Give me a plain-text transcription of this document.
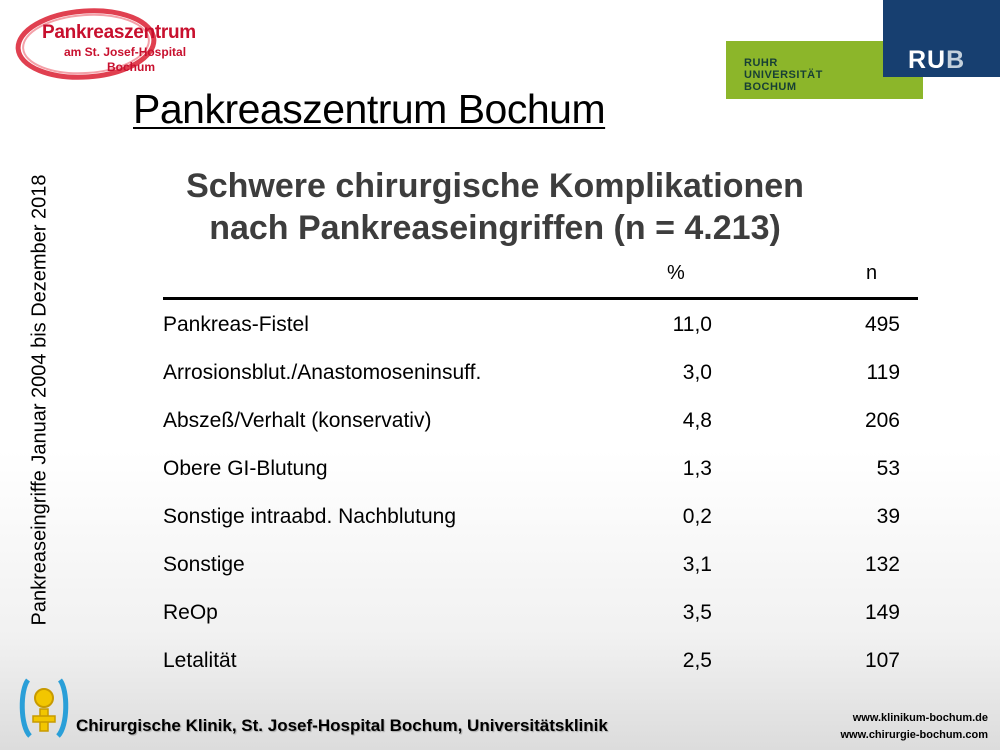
Pankreaszentrum
am St. Josef-Hospital
Bochum	RUHR
UNIVERSITÄT
BOCHUM
RUB
Pankreaszentrum Bochum
Schwere chirurgische Komplikationen
nach Pankreaseingriffen (n = 4.213)
Pankreaseingriffe Januar 2004 bis Dezember 2018	%	n
Pankreas-Fistel	11,0	495
Arrosionsblut./Anastomoseninsuff.	3,0	119
Abszeß/Verhalt (konservativ)	4,8	206
Obere GI-Blutung	1,3	53
Sonstige intraabd. Nachblutung	0,2	39
Sonstige	3,1	132
ReOp	3,5	149
Letalität	2,5	107
Chirurgische Klinik, St. Josef-Hospital Bochum, Universitätsklinik	www.klinikum-bochum.de
www.chirurgie-bochum.com
